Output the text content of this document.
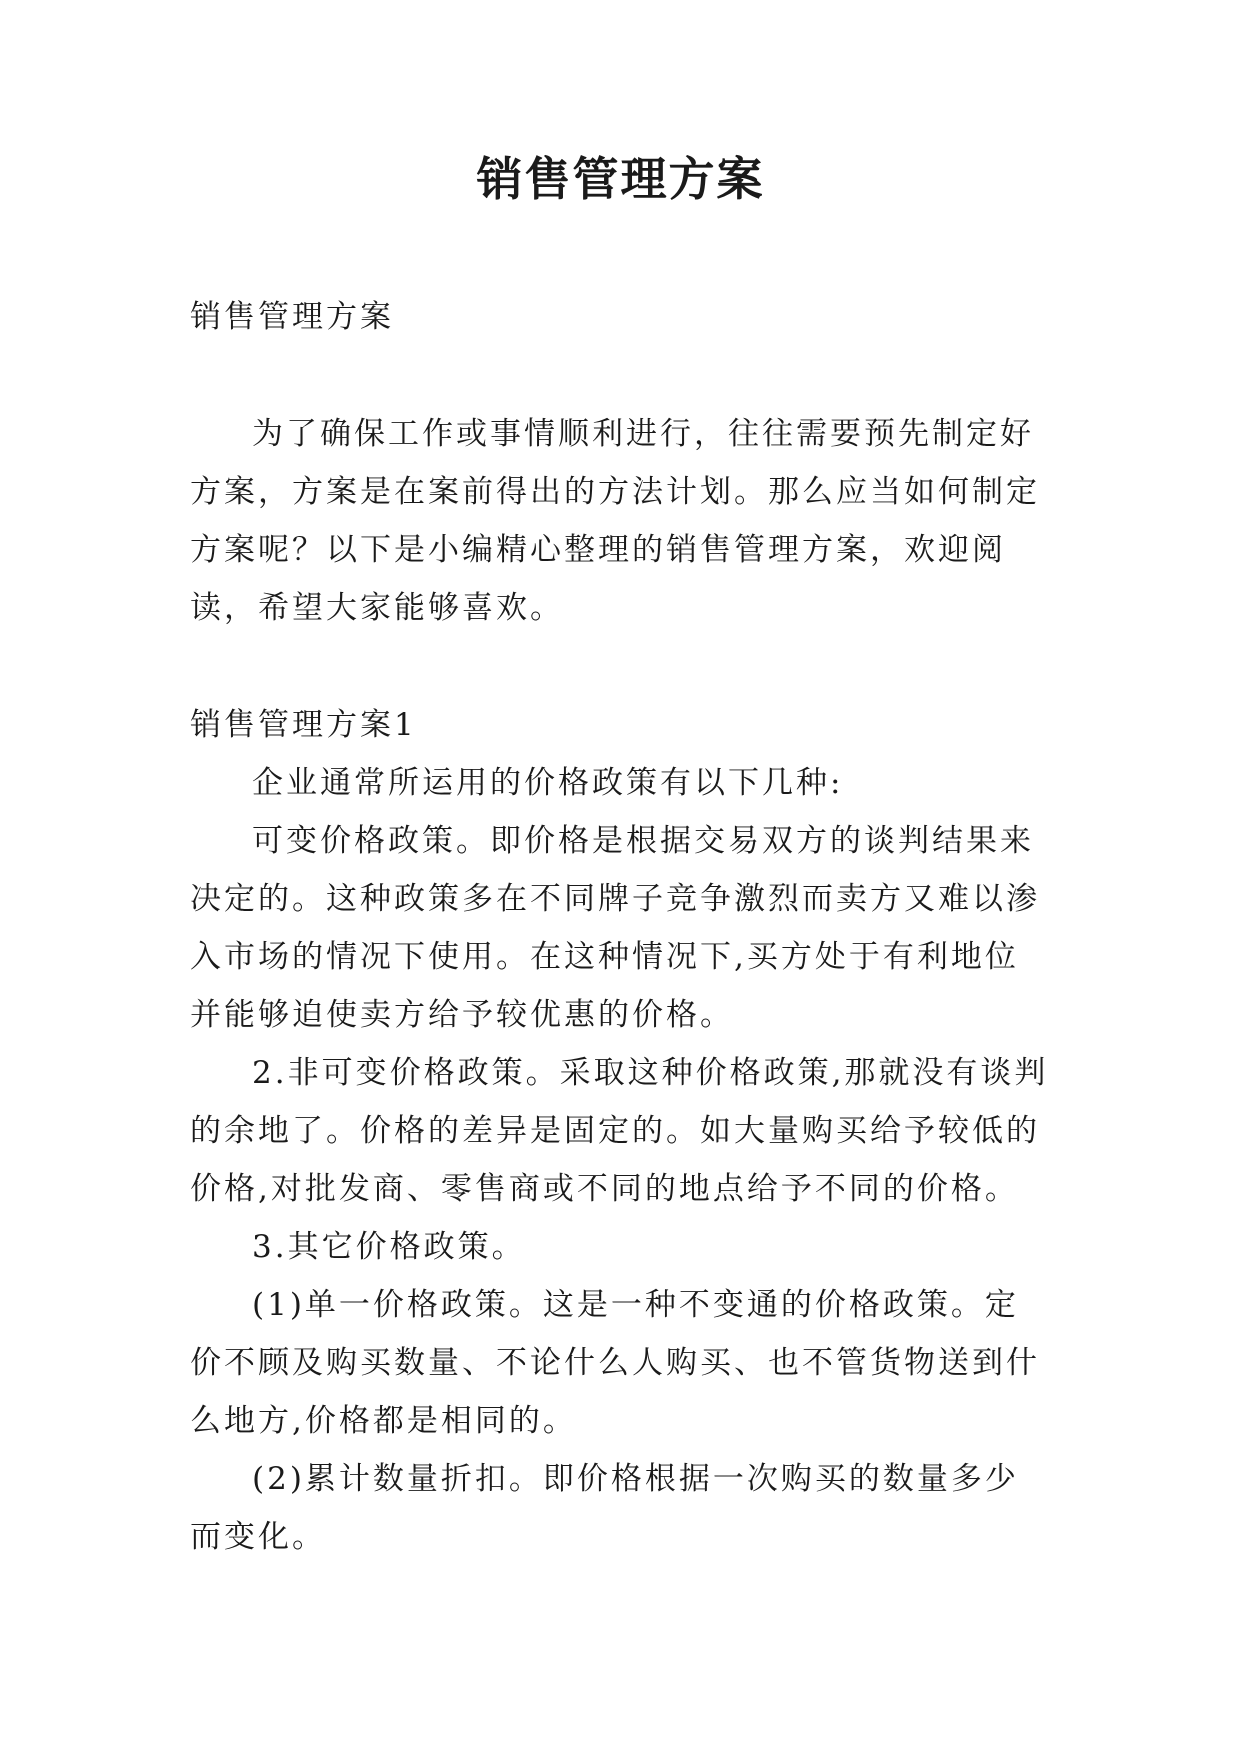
销售管理方案

销售管理方案

为了确保工作或事情顺利进行，往往需要预先制定好方案，方案是在案前得出的方法计划。那么应当如何制定方案呢？以下是小编精心整理的销售管理方案，欢迎阅读，希望大家能够喜欢。

销售管理方案1

企业通常所运用的价格政策有以下几种:

可变价格政策。即价格是根据交易双方的谈判结果来决定的。这种政策多在不同牌子竞争激烈而卖方又难以渗入市场的情况下使用。在这种情况下,买方处于有利地位并能够迫使卖方给予较优惠的价格。

2.非可变价格政策。采取这种价格政策,那就没有谈判的余地了。价格的差异是固定的。如大量购买给予较低的价格,对批发商、零售商或不同的地点给予不同的价格。

3.其它价格政策。

(1)单一价格政策。这是一种不变通的价格政策。定价不顾及购买数量、不论什么人购买、也不管货物送到什么地方,价格都是相同的。

(2)累计数量折扣。即价格根据一次购买的数量多少而变化。
